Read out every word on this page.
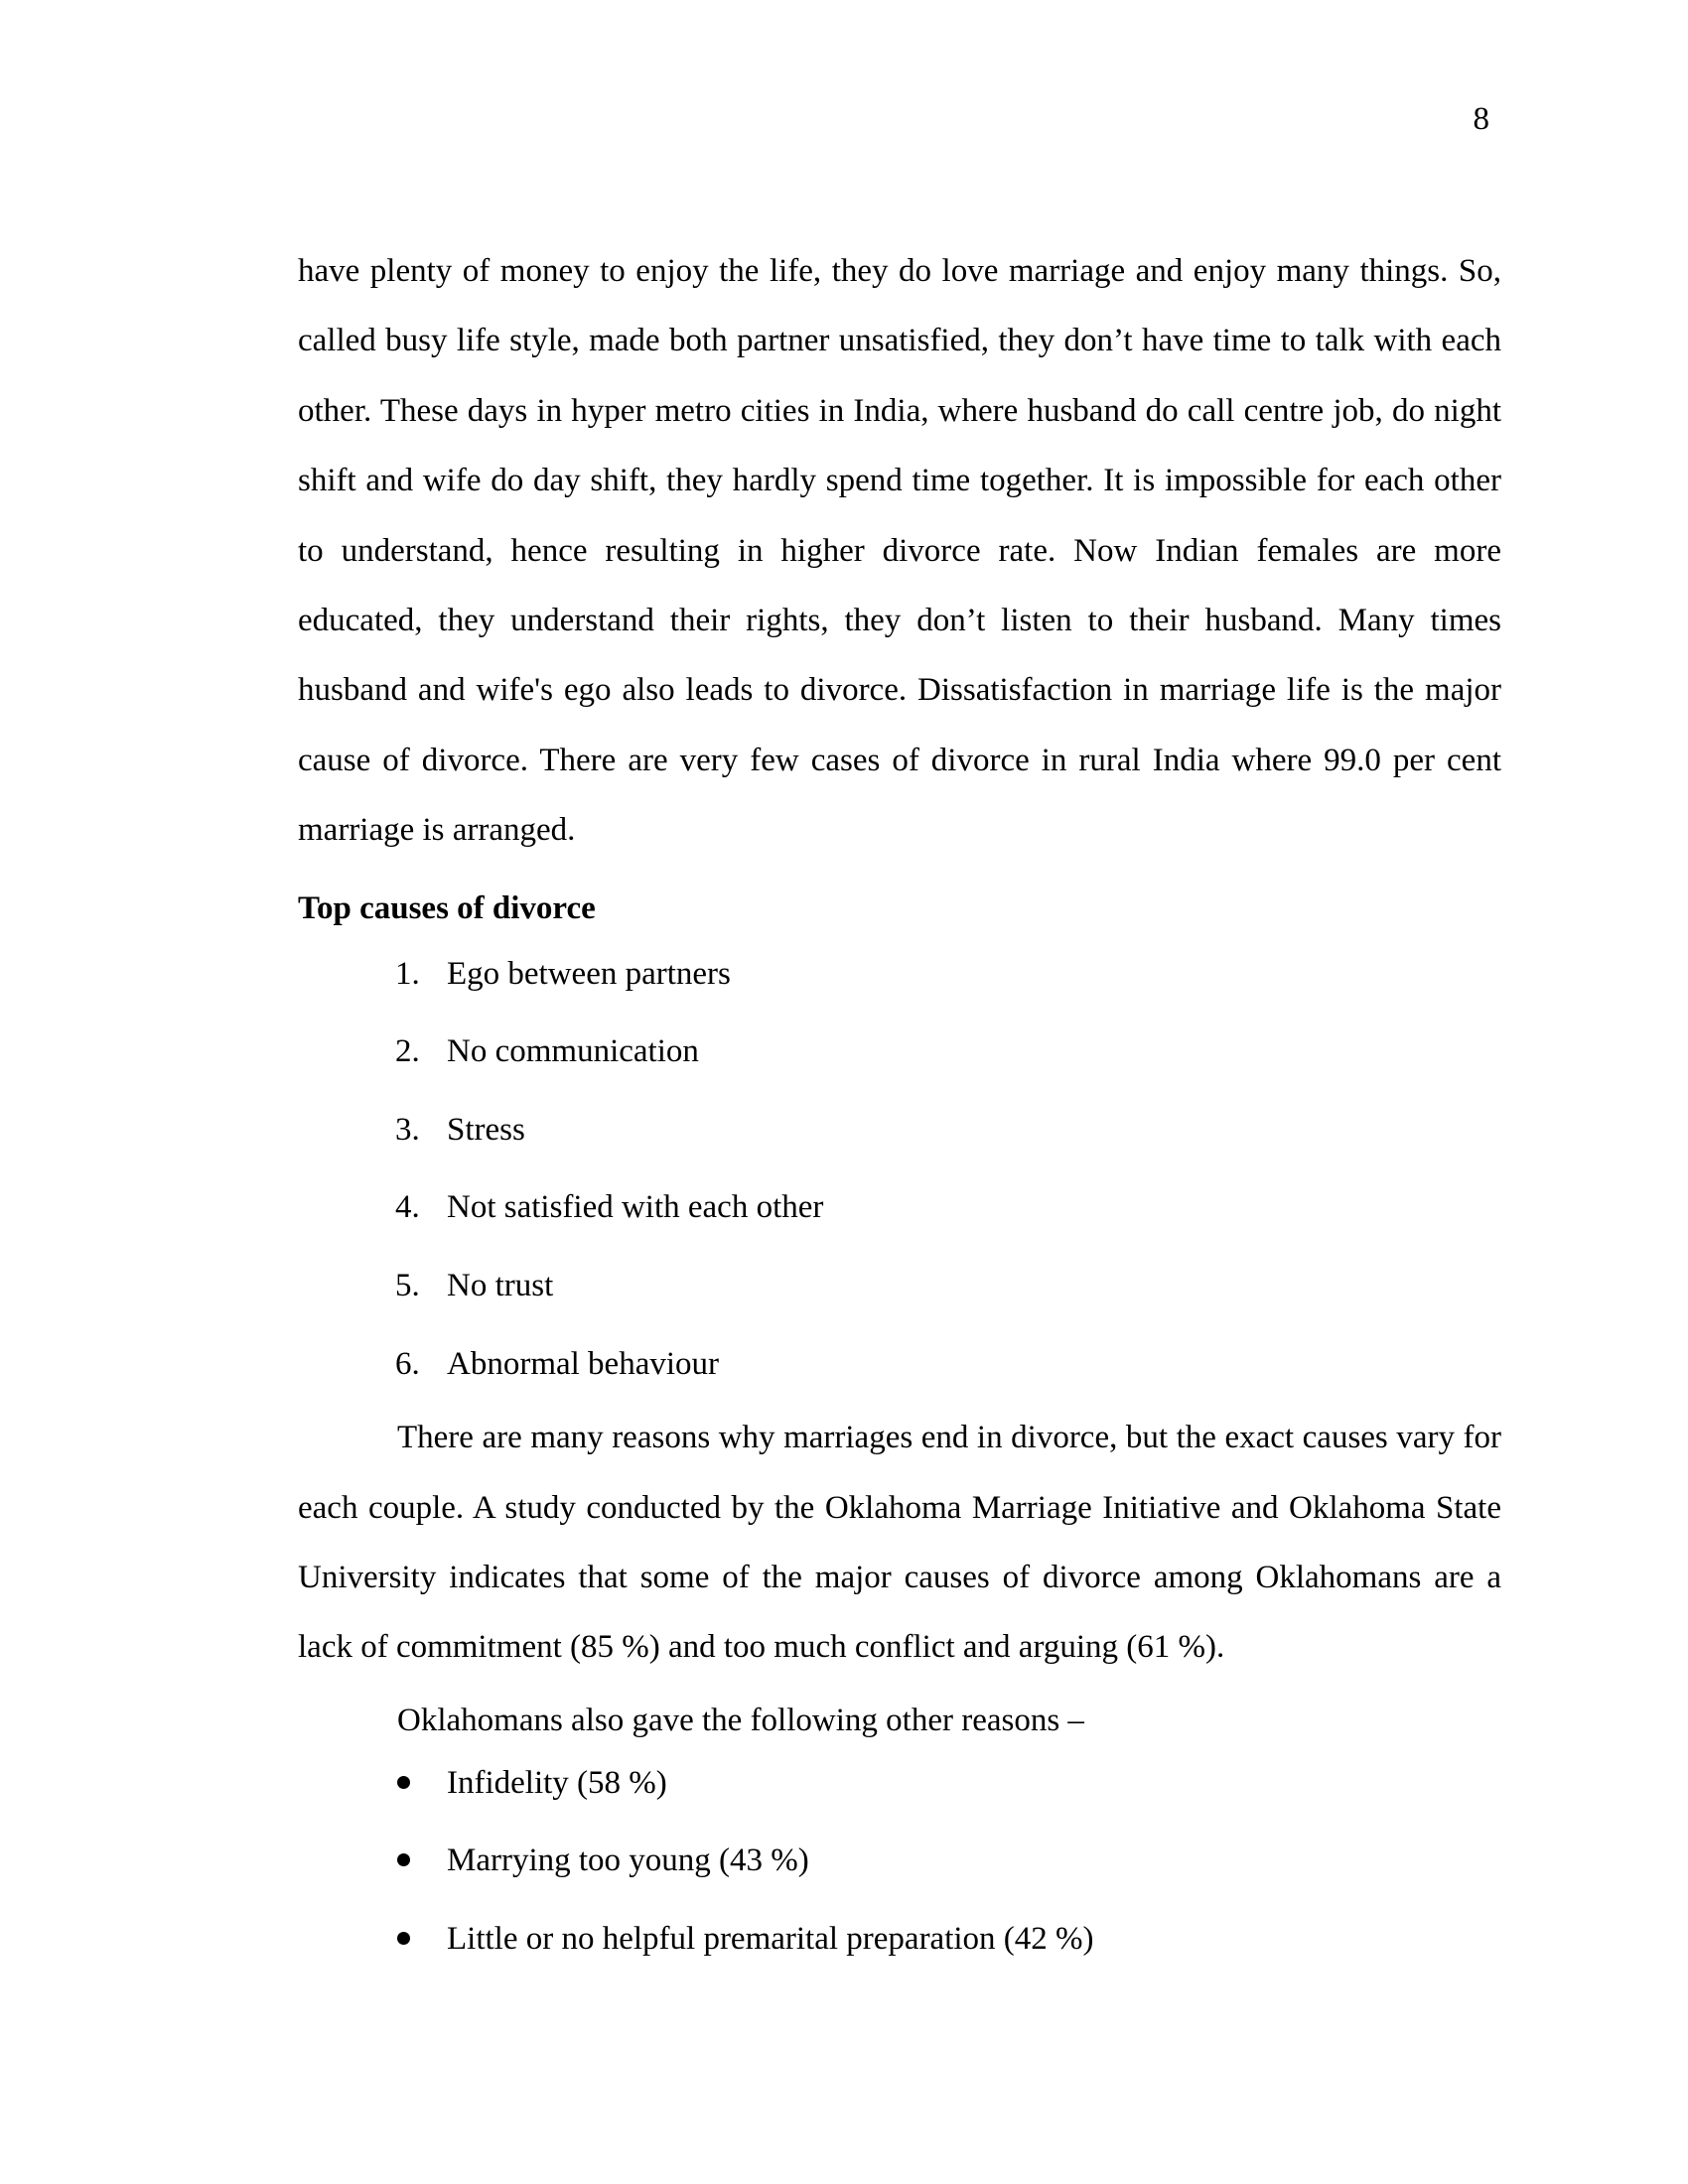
8

have plenty of money to enjoy the life, they do love marriage and enjoy many things. So, called busy life style, made both partner unsatisfied, they don’t have time to talk with each other. These days in hyper metro cities in India, where husband do call centre job, do night shift and wife do day shift, they hardly spend time together. It is impossible for each other to understand, hence resulting in higher divorce rate. Now Indian females are more educated, they understand their rights, they don’t listen to their husband. Many times husband and wife's ego also leads to divorce. Dissatisfaction in marriage life is the major cause of divorce. There are very few cases of divorce in rural India where 99.0 per cent marriage is arranged.

Top causes of divorce
1. Ego between partners
2. No communication
3. Stress
4. Not satisfied with each other
5. No trust
6. Abnormal behaviour

There are many reasons why marriages end in divorce, but the exact causes vary for each couple. A study conducted by the Oklahoma Marriage Initiative and Oklahoma State University indicates that some of the major causes of divorce among Oklahomans are a lack of commitment (85 %) and too much conflict and arguing (61 %).

Oklahomans also gave the following other reasons –

Infidelity (58 %)
Marrying too young (43 %)
Little or no helpful premarital preparation (42 %)
